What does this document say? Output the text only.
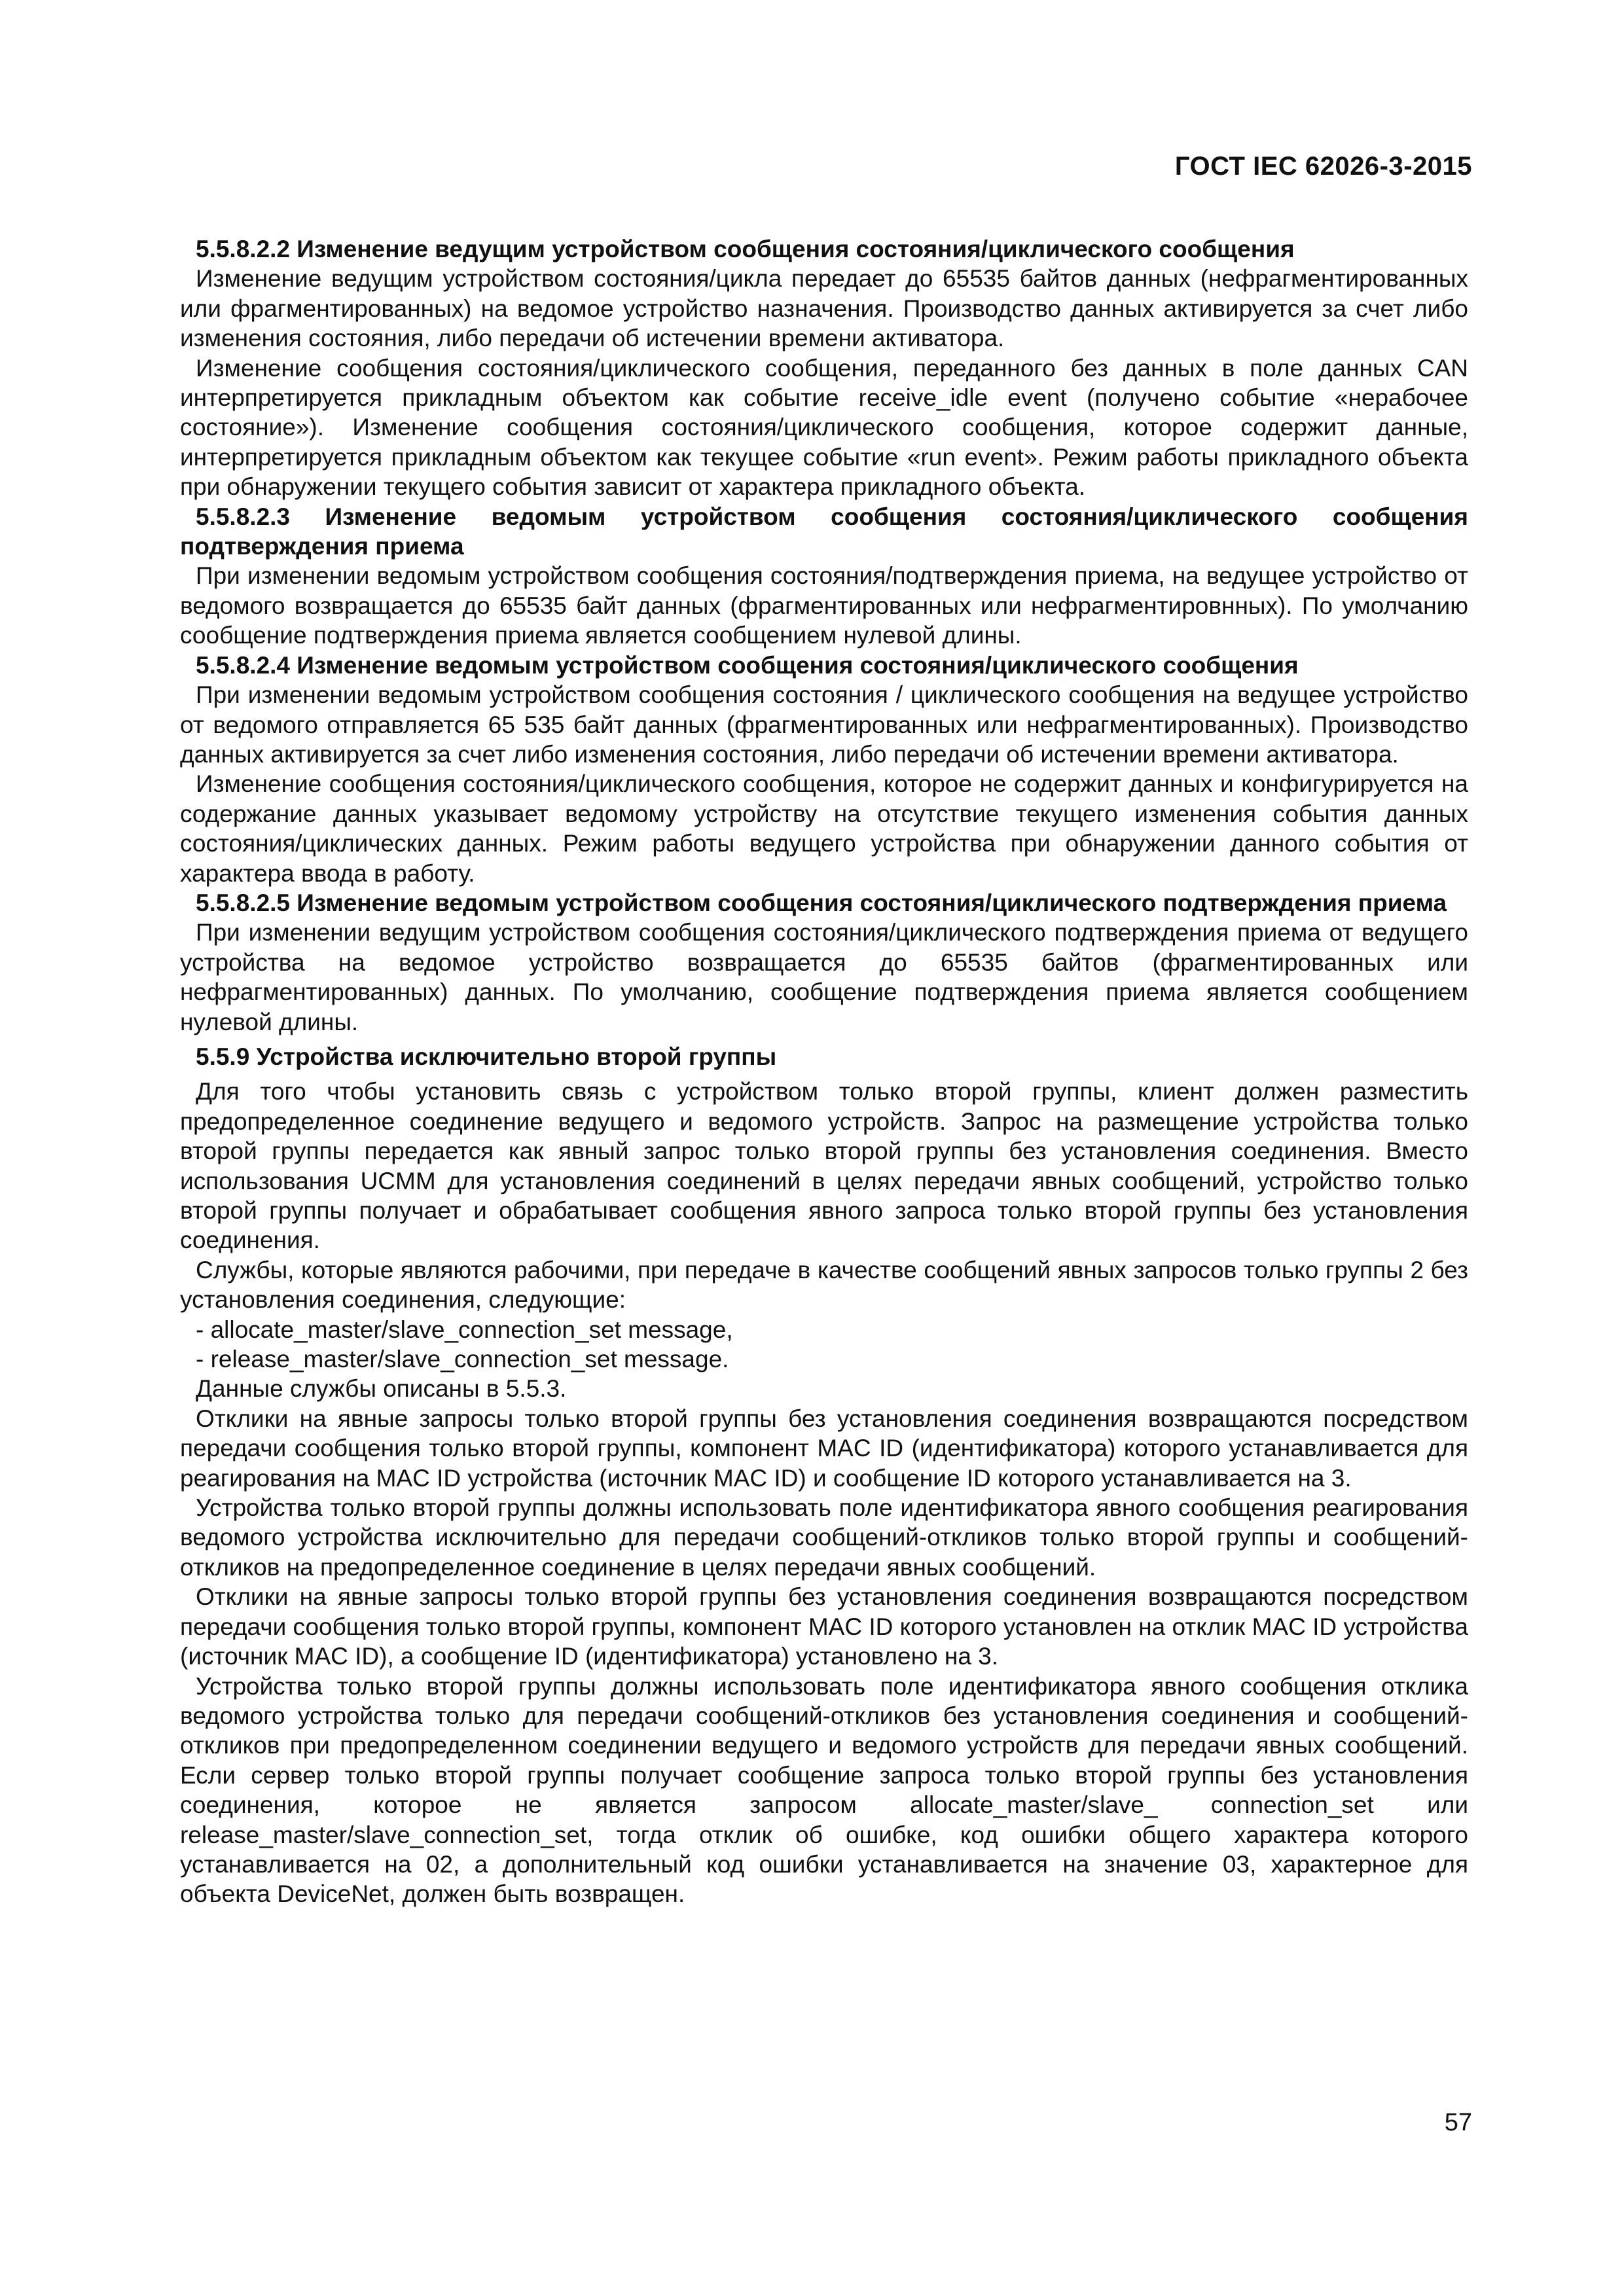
ГОСТ IEC 62026-3-2015
5.5.8.2.2 Изменение ведущим устройством сообщения состояния/циклического сообщения

Изменение ведущим устройством состояния/цикла передает до 65535 байтов данных (нефрагментированных или фрагментированных) на ведомое устройство назначения. Производство данных активируется за счет либо изменения состояния, либо передачи об истечении времени активатора.

Изменение сообщения состояния/циклического сообщения, переданного без данных в поле данных CAN интерпретируется прикладным объектом как событие receive_idle event (получено событие «нерабочее состояние»). Изменение сообщения состояния/циклического сообщения, которое содержит данные, интерпретируется прикладным объектом как текущее событие «run event». Режим работы прикладного объекта при обнаружении текущего события зависит от характера прикладного объекта.

5.5.8.2.3 Изменение ведомым устройством сообщения состояния/циклического сообщения подтверждения приема

При изменении ведомым устройством сообщения состояния/подтверждения приема, на ведущее устройство от ведомого возвращается до 65535 байт данных (фрагментированных или нефрагментировнных). По умолчанию сообщение подтверждения приема является сообщением нулевой длины.

5.5.8.2.4 Изменение ведомым устройством сообщения состояния/циклического сообщения

При изменении ведомым устройством сообщения состояния / циклического сообщения на ведущее устройство от ведомого отправляется 65 535 байт данных (фрагментированных или нефрагментированных). Производство данных активируется за счет либо изменения состояния, либо передачи об истечении времени активатора.

Изменение сообщения состояния/циклического сообщения, которое не содержит данных и конфигурируется на содержание данных указывает ведомому устройству на отсутствие текущего изменения события данных состояния/циклических данных. Режим работы ведущего устройства при обнаружении данного события от характера ввода в работу.

5.5.8.2.5 Изменение ведомым устройством сообщения состояния/циклического подтверждения приема

При изменении ведущим устройством сообщения состояния/циклического подтверждения приема от ведущего устройства на ведомое устройство возвращается до 65535 байтов (фрагментированных или нефрагментированных) данных. По умолчанию, сообщение подтверждения приема является сообщением нулевой длины.

5.5.9 Устройства исключительно второй группы

Для того чтобы установить связь с устройством только второй группы, клиент должен разместить предопределенное соединение ведущего и ведомого устройств. Запрос на размещение устройства только второй группы передается как явный запрос только второй группы без установления соединения. Вместо использования UCMM для установления соединений в целях передачи явных сообщений, устройство только второй группы получает и обрабатывает сообщения явного запроса только второй группы без установления соединения.

Службы, которые являются рабочими, при передаче в качестве сообщений явных запросов только группы 2 без установления соединения, следующие:

- allocate_master/slave_connection_set message,

- release_master/slave_connection_set message.

Данные службы описаны в 5.5.3.

Отклики на явные запросы только второй группы без установления соединения возвращаются посредством передачи сообщения только второй группы, компонент MAC ID (идентификатора) которого устанавливается для реагирования на MAC ID устройства (источник MAC ID) и сообщение ID которого устанавливается на 3.

Устройства только второй группы должны использовать поле идентификатора явного сообщения реагирования ведомого устройства исключительно для передачи сообщений-откликов только второй группы и сообщений-откликов на предопределенное соединение в целях передачи явных сообщений.

Отклики на явные запросы только второй группы без установления соединения возвращаются посредством передачи сообщения только второй группы, компонент MAC ID которого установлен на отклик MAC ID устройства (источник MAC ID), а сообщение ID (идентификатора) установлено на 3.

Устройства только второй группы должны использовать поле идентификатора явного сообщения отклика ведомого устройства только для передачи сообщений-откликов без установления соединения и сообщений-откликов при предопределенном соединении ведущего и ведомого устройств для передачи явных сообщений. Если сервер только второй группы получает сообщение запроса только второй группы без установления соединения, которое не является запросом allocate_master/slave_ connection_set или release_master/slave_connection_set, тогда отклик об ошибке, код ошибки общего характера которого устанавливается на 02, а дополнительный код ошибки устанавливается на значение 03, характерное для объекта DeviceNet, должен быть возвращен.

57
